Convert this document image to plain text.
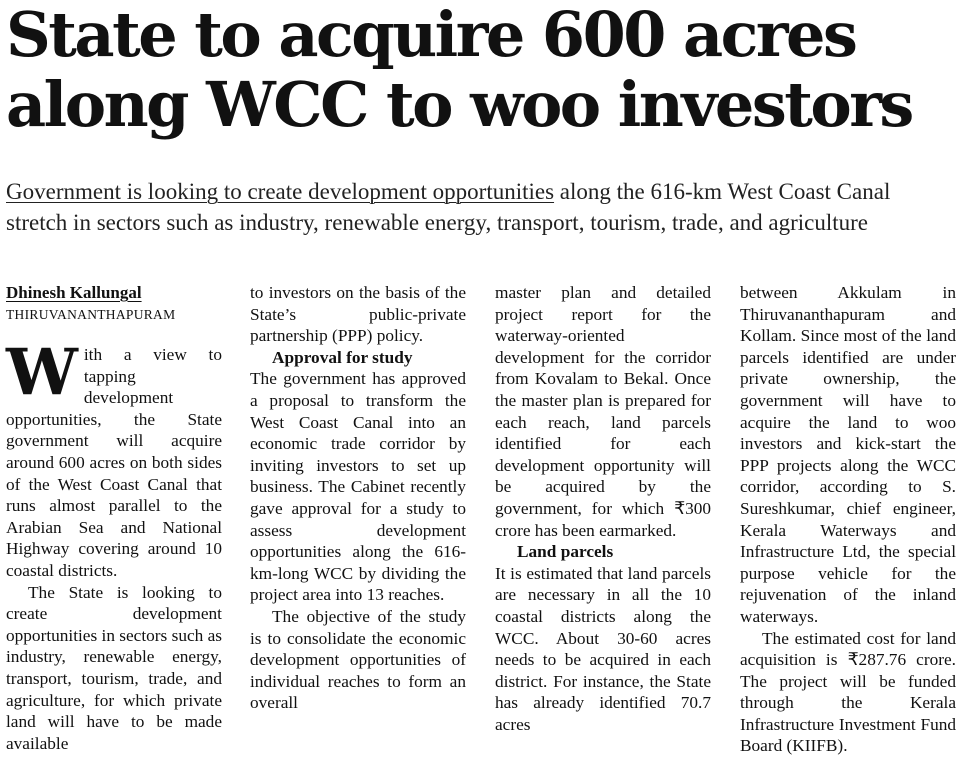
State to acquire 600 acres
along WCC to woo investors
Government is looking to create development opportunities along the 616-km West Coast Canal stretch in sectors such as industry, renewable energy, transport, tourism, trade, and agriculture
Dhinesh Kallungal
THIRUVANANTHAPURAM

With a view to tapping development opportunities, the State government will acquire around 600 acres on both sides of the West Coast Canal that runs almost parallel to the Arabian Sea and National Highway covering around 10 coastal districts.

The State is looking to create development opportunities in sectors such as industry, renewable energy, transport, tourism, trade, and agriculture, for which private land will have to be made available

to investors on the basis of the State’s public-private partnership (PPP) policy.

Approval for study

The government has approved a proposal to transform the West Coast Canal into an economic trade corridor by inviting investors to set up business. The Cabinet recently gave approval for a study to assess development opportunities along the 616-km-long WCC by dividing the project area into 13 reaches.

The objective of the study is to consolidate the economic development opportunities of individual reaches to form an overall

master plan and detailed project report for the waterway-oriented development for the corridor from Kovalam to Bekal. Once the master plan is prepared for each reach, land parcels identified for each development opportunity will be acquired by the government, for which ₹300 crore has been earmarked.

Land parcels

It is estimated that land parcels are necessary in all the 10 coastal districts along the WCC. About 30-60 acres needs to be acquired in each district. For instance, the State has already identified 70.7 acres

between Akkulam in Thiruvananthapuram and Kollam. Since most of the land parcels identified are under private ownership, the government will have to acquire the land to woo investors and kick-start the PPP projects along the WCC corridor, according to S. Sureshkumar, chief engineer, Kerala Waterways and Infrastructure Ltd, the special purpose vehicle for the rejuvenation of the inland waterways.

The estimated cost for land acquisition is ₹287.76 crore. The project will be funded through the Kerala Infrastructure Investment Fund Board (KIIFB).
